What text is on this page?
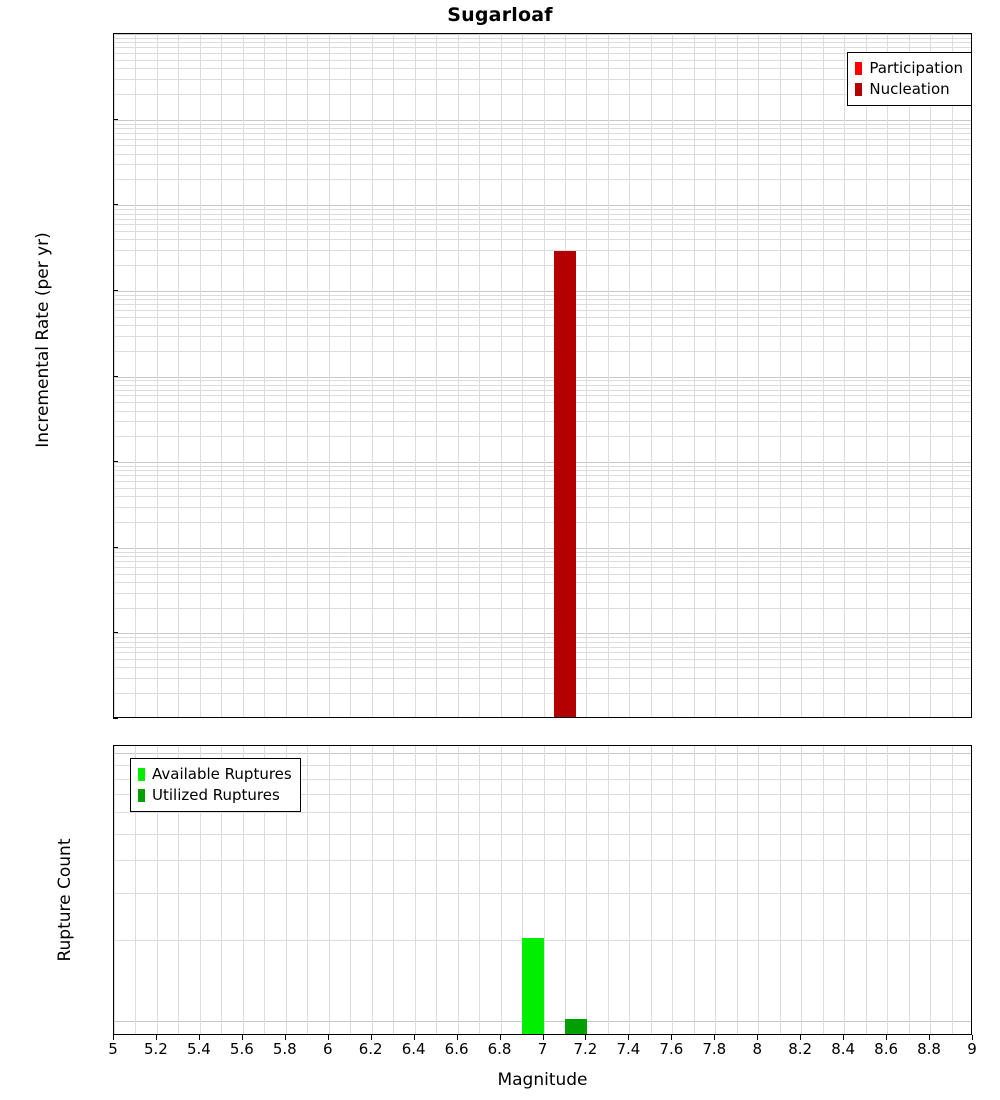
Sugarloaf
Incremental Rate (per yr)
Rupture Count
Magnitude
Participation
Nucleation
Available Ruptures
Utilized Ruptures
5	5.2	5.4	5.6	5.8	6	6.2	6.4	6.6	6.8	7	7.2	7.4	7.6	7.8	8	8.2	8.4	8.6	8.8	9
